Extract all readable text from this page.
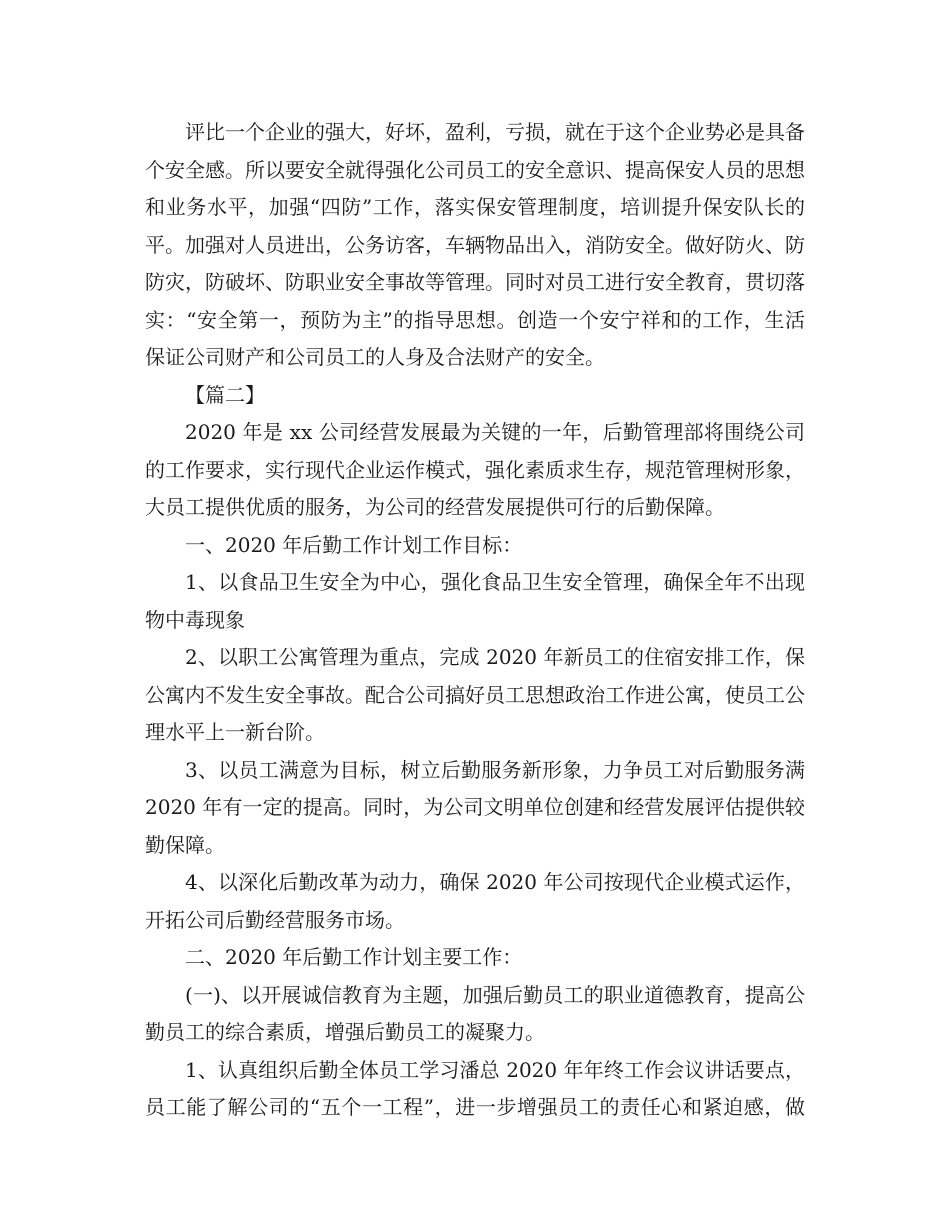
评比一个企业的强大，好坏，盈利，亏损，就在于这个企业势必是具备
个安全感。所以要安全就得强化公司员工的安全意识、提高保安人员的思想
和业务水平，加强“四防”工作，落实保安管理制度，培训提升保安队长的
平。加强对人员进出，公务访客，车辆物品出入，消防安全。做好防火、防
防灾，防破坏、防职业安全事故等管理。同时对员工进行安全教育，贯切落
实：“安全第一，预防为主”的指导思想。创造一个安宁祥和的工作，生活
保证公司财产和公司员工的人身及合法财产的安全。
【篇二】
2020 年是 xx 公司经营发展最为关键的一年，后勤管理部将围绕公司
的工作要求，实行现代企业运作模式，强化素质求生存，规范管理树形象，
大员工提供优质的服务，为公司的经营发展提供可行的后勤保障。
一、2020 年后勤工作计划工作目标：
1、以食品卫生安全为中心，强化食品卫生安全管理，确保全年不出现
物中毒现象
2、以职工公寓管理为重点，完成 2020 年新员工的住宿安排工作，保
公寓内不发生安全事故。配合公司搞好员工思想政治工作进公寓，使员工公
理水平上一新台阶。
3、以员工满意为目标，树立后勤服务新形象，力争员工对后勤服务满
2020 年有一定的提高。同时，为公司文明单位创建和经营发展评估提供较
勤保障。
4、以深化后勤改革为动力，确保 2020 年公司按现代企业模式运作，
开拓公司后勤经营服务市场。
二、2020 年后勤工作计划主要工作：
(一)、以开展诚信教育为主题，加强后勤员工的职业道德教育，提高公
勤员工的综合素质，增强后勤员工的凝聚力。
1、认真组织后勤全体员工学习潘总 2020 年年终工作会议讲话要点，
员工能了解公司的“五个一工程”，进一步增强员工的责任心和紧迫感，做
